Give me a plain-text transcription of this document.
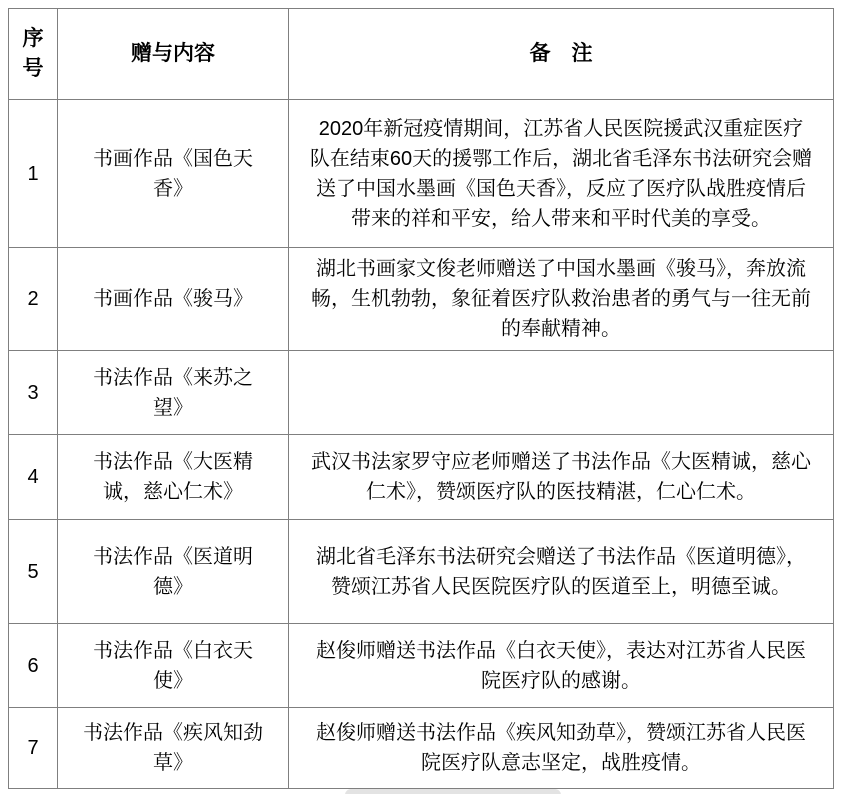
序号	赠与内容	备　注
1	书画作品《国色天香》	2020年新冠疫情期间，江苏省人民医院援武汉重症医疗队在结束60天的援鄂工作后，湖北省毛泽东书法研究会赠送了中国水墨画《国色天香》，反应了医疗队战胜疫情后带来的祥和平安，给人带来和平时代美的享受。
2	书画作品《骏马》	湖北书画家文俊老师赠送了中国水墨画《骏马》，奔放流畅，生机勃勃，象征着医疗队救治患者的勇气与一往无前的奉献精神。
3	书法作品《来苏之望》	
4	书法作品《大医精诚，慈心仁术》	武汉书法家罗守应老师赠送了书法作品《大医精诚，慈心仁术》，赞颂医疗队的医技精湛，仁心仁术。
5	书法作品《医道明德》	湖北省毛泽东书法研究会赠送了书法作品《医道明德》，赞颂江苏省人民医院医疗队的医道至上，明德至诚。
6	书法作品《白衣天使》	赵俊师赠送书法作品《白衣天使》，表达对江苏省人民医院医疗队的感谢。
7	书法作品《疾风知劲草》	赵俊师赠送书法作品《疾风知劲草》，赞颂江苏省人民医院医疗队意志坚定，战胜疫情。
